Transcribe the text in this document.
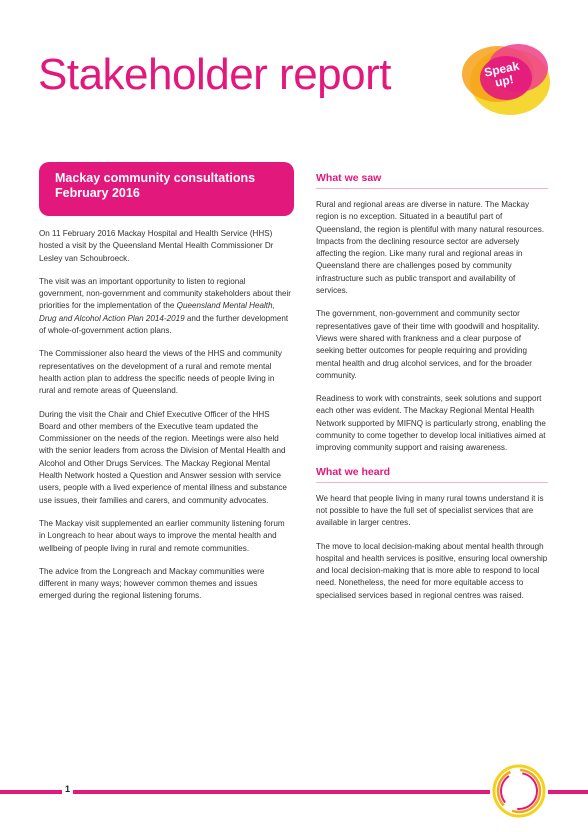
Stakeholder report	Speak up!
Mackay community consultations
February 2016

On 11 February 2016 Mackay Hospital and Health Service (HHS) hosted a visit by the Queensland Mental Health Commissioner Dr Lesley van Schoubroeck.

The visit was an important opportunity to listen to regional government, non-government and community stakeholders about their priorities for the implementation of the Queensland Mental Health, Drug and Alcohol Action Plan 2014-2019 and the further development of whole-of-government action plans.

The Commissioner also heard the views of the HHS and community representatives on the development of a rural and remote mental health action plan to address the specific needs of people living in rural and remote areas of Queensland.

During the visit the Chair and Chief Executive Officer of the HHS Board and other members of the Executive team updated the Commissioner on the needs of the region. Meetings were also held with the senior leaders from across the Division of Mental Health and Alcohol and Other Drugs Services. The Mackay Regional Mental Health Network hosted a Question and Answer session with service users, people with a lived experience of mental illness and substance use issues, their families and carers, and community advocates.

The Mackay visit supplemented an earlier community listening forum in Longreach to hear about ways to improve the mental health and wellbeing of people living in rural and remote communities.

The advice from the Longreach and Mackay communities were different in many ways; however common themes and issues emerged during the regional listening forums.

What we saw

Rural and regional areas are diverse in nature. The Mackay region is no exception. Situated in a beautiful part of Queensland, the region is plentiful with many natural resources. Impacts from the declining resource sector are adversely affecting the region. Like many rural and regional areas in Queensland there are challenges posed by community infrastructure such as public transport and availability of services.

The government, non-government and community sector representatives gave of their time with goodwill and hospitality. Views were shared with frankness and a clear purpose of seeking better outcomes for people requiring and providing mental health and drug alcohol services, and for the broader community.

Readiness to work with constraints, seek solutions and support each other was evident. The Mackay Regional Mental Health Network supported by MIFNQ is particularly strong, enabling the community to come together to develop local initiatives aimed at improving community support and raising awareness.

What we heard

We heard that people living in many rural towns understand it is not possible to have the full set of specialist services that are available in larger centres.

The move to local decision-making about mental health through hospital and health services is positive, ensuring local ownership and local decision-making that is more able to respond to local need. Nonetheless, the need for more equitable access to specialised services based in regional centres was raised.

1
